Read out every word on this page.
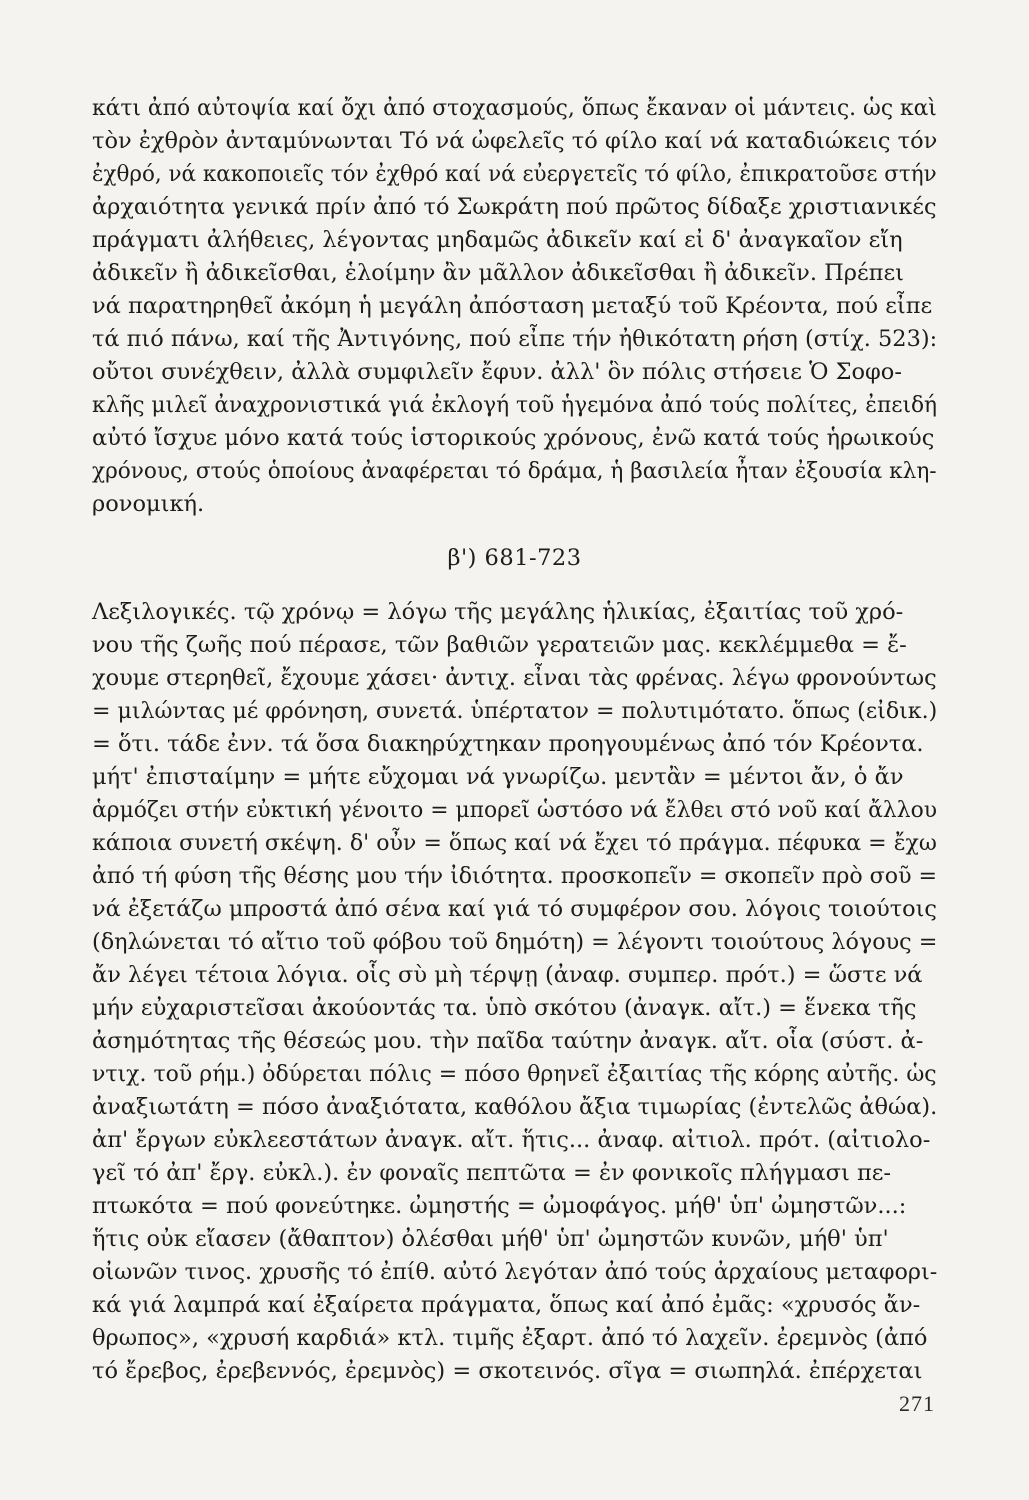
κάτι ἀπό αὐτοψία καί ὄχι ἀπό στοχασμούς, ὅπως ἔκαναν οἱ μάντεις. ὡς καὶ
τὸν ἐχθρὸν ἀνταμύνωνται Τό νά ὠφελεῖς τό φίλο καί νά καταδιώκεις τόν
ἐχθρό, νά κακοποιεῖς τόν ἐχθρό καί νά εὐεργετεῖς τό φίλο, ἐπικρατοῦσε στήν
ἀρχαιότητα γενικά πρίν ἀπό τό Σωκράτη πού πρῶτος δίδαξε χριστιανικές
πράγματι ἀλήθειες, λέγοντας μηδαμῶς ἀδικεῖν καί εἰ δ' ἀναγκαῖον εἴη
ἀδικεῖν ἢ ἀδικεῖσθαι, ἑλοίμην ἂν μᾶλλον ἀδικεῖσθαι ἢ ἀδικεῖν. Πρέπει
νά παρατηρηθεῖ ἀκόμη ἡ μεγάλη ἀπόσταση μεταξύ τοῦ Κρέοντα, πού εἶπε
τά πιό πάνω, καί τῆς Ἀντιγόνης, πού εἶπε τήν ἠθικότατη ρήση (στίχ. 523):
οὔτοι συνέχθειν, ἀλλὰ συμφιλεῖν ἔφυν. ἀλλ' ὃν πόλις στήσειε Ὁ Σοφο-
κλῆς μιλεῖ ἀναχρονιστικά γιά ἐκλογή τοῦ ἡγεμόνα ἀπό τούς πολίτες, ἐπειδή
αὐτό ἴσχυε μόνο κατά τούς ἱστορικούς χρόνους, ἐνῶ κατά τούς ἡρωικούς
χρόνους, στούς ὁποίους ἀναφέρεται τό δράμα, ἡ βασιλεία ἦταν ἐξουσία κλη-
ρονομική.
β') 681-723
Λεξιλογικές. τῷ χρόνῳ = λόγω τῆς μεγάλης ἡλικίας, ἐξαιτίας τοῦ χρό-
νου τῆς ζωῆς πού πέρασε, τῶν βαθιῶν γερατειῶν μας. κεκλέμμεθα = ἔ-
χουμε στερηθεῖ, ἔχουμε χάσει· ἀντιχ. εἶναι τὰς φρένας. λέγω φρονούντως
= μιλώντας μέ φρόνηση, συνετά. ὑπέρτατον = πολυτιμότατο. ὅπως (εἰδικ.)
= ὅτι. τάδε ἐνν. τά ὅσα διακηρύχτηκαν προηγουμένως ἀπό τόν Κρέοντα.
μήτ' ἐπισταίμην = μήτε εὔχομαι νά γνωρίζω. μεντἂν = μέντοι ἄν, ὁ ἄν
ἁρμόζει στήν εὐκτική γένοιτο = μπορεῖ ὡστόσο νά ἔλθει στό νοῦ καί ἄλλου
κάποια συνετή σκέψη. δ' οὖν = ὅπως καί νά ἔχει τό πράγμα. πέφυκα = ἔχω
ἀπό τή φύση τῆς θέσης μου τήν ἰδιότητα. προσκοπεῖν = σκοπεῖν πρὸ σοῦ =
νά ἐξετάζω μπροστά ἀπό σένα καί γιά τό συμφέρον σου. λόγοις τοιούτοις
(δηλώνεται τό αἴτιο τοῦ φόβου τοῦ δημότη) = λέγοντι τοιούτους λόγους =
ἄν λέγει τέτοια λόγια. οἷς σὺ μὴ τέρψῃ (ἀναφ. συμπερ. πρότ.) = ὥστε νά
μήν εὐχαριστεῖσαι ἀκούοντάς τα. ὑπὸ σκότου (ἀναγκ. αἴτ.) = ἕνεκα τῆς
ἀσημότητας τῆς θέσεώς μου. τὴν παῖδα ταύτην ἀναγκ. αἴτ. οἷα (σύστ. ἀ-
ντιχ. τοῦ ρήμ.) ὀδύρεται πόλις = πόσο θρηνεῖ ἐξαιτίας τῆς κόρης αὐτῆς. ὡς
ἀναξιωτάτη = πόσο ἀναξιότατα, καθόλου ἄξια τιμωρίας (ἐντελῶς ἀθώα).
ἀπ' ἔργων εὐκλεεστάτων ἀναγκ. αἴτ. ἥτις... ἀναφ. αἰτιολ. πρότ. (αἰτιολο-
γεῖ τό ἀπ' ἔργ. εὐκλ.). ἐν φοναῖς πεπτῶτα = ἐν φονικοῖς πλήγμασι πε-
πτωκότα = πού φονεύτηκε. ὠμηστής = ὠμοφάγος. μήθ' ὑπ' ὠμηστῶν...:
ἥτις οὐκ εἴασεν (ἄθαπτον) ὀλέσθαι μήθ' ὑπ' ὠμηστῶν κυνῶν, μήθ' ὑπ'
οἰωνῶν τινος. χρυσῆς τό ἐπίθ. αὐτό λεγόταν ἀπό τούς ἀρχαίους μεταφορι-
κά γιά λαμπρά καί ἐξαίρετα πράγματα, ὅπως καί ἀπό ἐμᾶς: «χρυσός ἄν-
θρωπος», «χρυσή καρδιά» κτλ. τιμῆς ἐξαρτ. ἀπό τό λαχεῖν. ἐρεμνὸς (ἀπό
τό ἔρεβος, ἐρεβεννός, ἐρεμνὸς) = σκοτεινός. σῖγα = σιωπηλά. ἐπέρχεται
271
